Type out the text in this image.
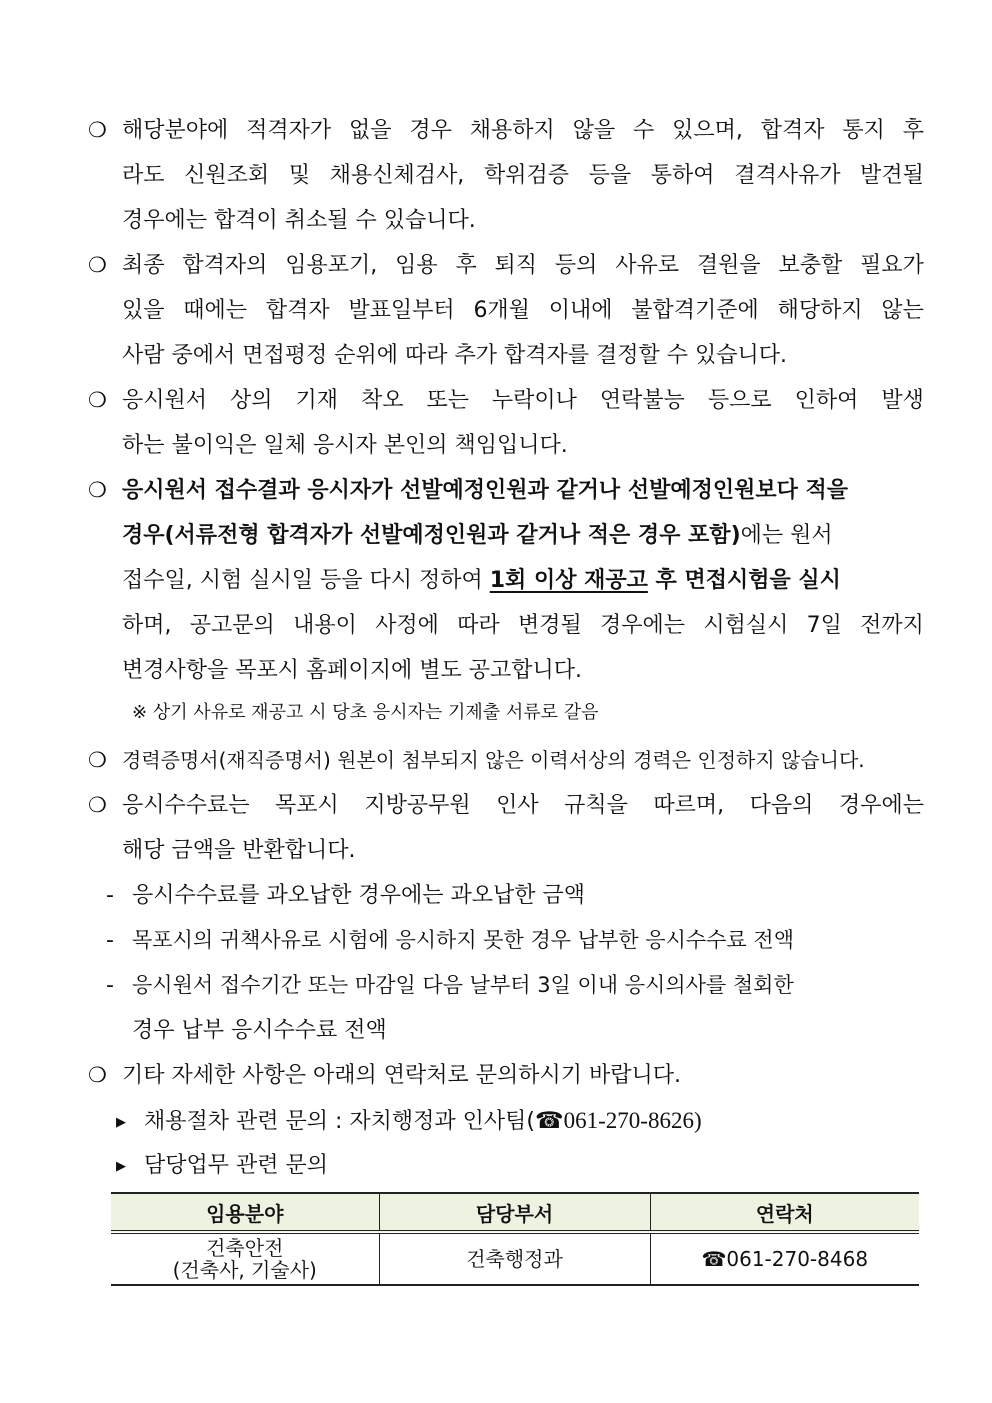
❍ 해당분야에 적격자가 없을 경우 채용하지 않을 수 있으며, 합격자 통지 후
라도 신원조회 및 채용신체검사, 학위검증 등을 통하여 결격사유가 발견될
경우에는 합격이 취소될 수 있습니다.
❍ 최종 합격자의 임용포기, 임용 후 퇴직 등의 사유로 결원을 보충할 필요가
있을 때에는 합격자 발표일부터 6개월 이내에 불합격기준에 해당하지 않는
사람 중에서 면접평정 순위에 따라 추가 합격자를 결정할 수 있습니다.
❍ 응시원서 상의 기재 착오 또는 누락이나 연락불능 등으로 인하여 발생
하는 불이익은 일체 응시자 본인의 책임입니다.
❍ 응시원서 접수결과 응시자가 선발예정인원과 같거나 선발예정인원보다 적을
경우(서류전형 합격자가 선발예정인원과 같거나 적은 경우 포함) 에는 원서
접수일, 시험 실시일 등을 다시 정하여 1회 이상 재공고 후 면접시험을 실시
하며, 공고문의 내용이 사정에 따라 변경될 경우에는 시험실시 7일 전까지
변경사항을 목포시 홈페이지에 별도 공고합니다.
※ 상기 사유로 재공고 시 당초 응시자는 기제출 서류로 갈음
❍ 경력증명서(재직증명서) 원본이 첨부되지 않은 이력서상의 경력은 인정하지 않습니다.
❍ 응시수수료는 목포시 지방공무원 인사 규칙을 따르며, 다음의 경우에는
해당 금액을 반환합니다.
- 응시수수료를 과오납한 경우에는 과오납한 금액
- 목포시의 귀책사유로 시험에 응시하지 못한 경우 납부한 응시수수료 전액
- 응시원서 접수기간 또는 마감일 다음 날부터 3일 이내 응시의사를 철회한
경우 납부 응시수수료 전액
❍ 기타 자세한 사항은 아래의 연락처로 문의하시기 바랍니다.
▶ 채용절차 관련 문의 : 자치행정과 인사팀(☎061-270-8626)
▶ 담당업무 관련 문의
임용분야	담당부서	연락처

건축안전
(건축사, 기술사)	건축행정과	☎061-270-8468
